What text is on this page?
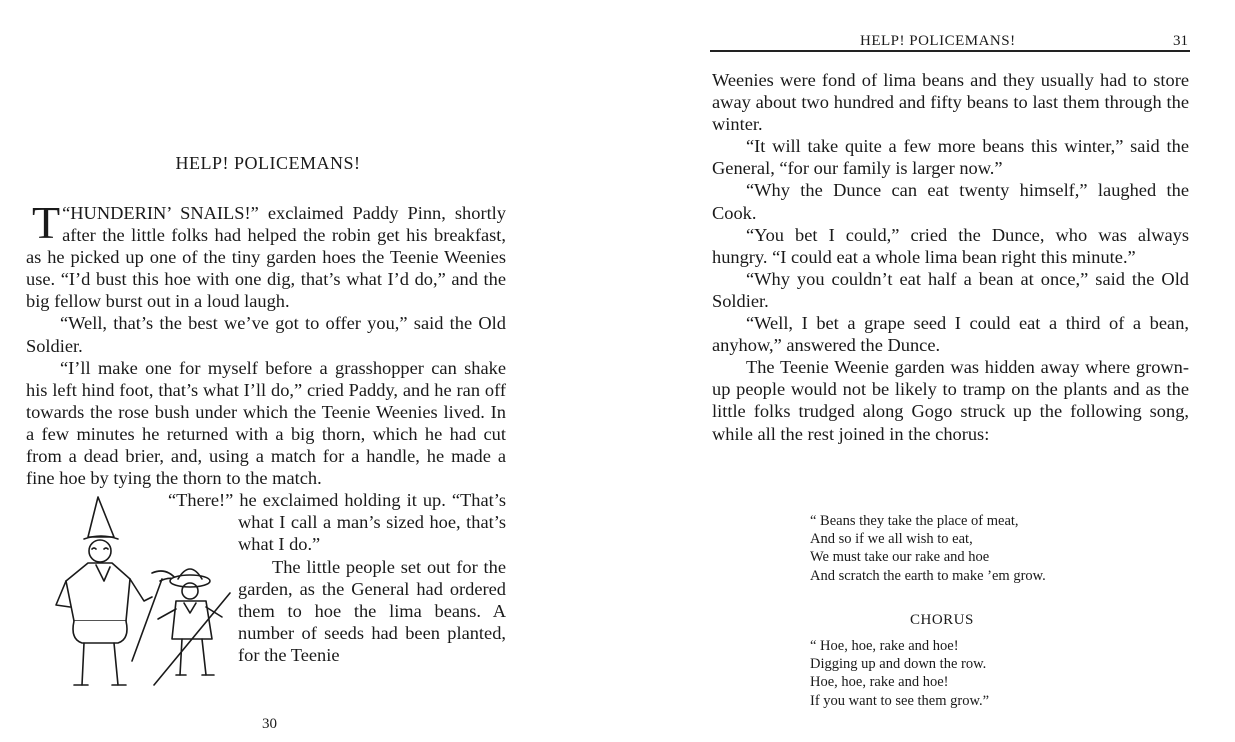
HELP! POLICEMANS!

“
T HUNDERIN’ SNAILS!” exclaimed Paddy Pinn, shortly after the little folks had helped the robin get his breakfast, as he picked up one of the tiny garden hoes the Teenie Weenies use. “I’d bust this hoe with one dig, that’s what I’d do,” and the big fellow burst out in a loud laugh.

“Well, that’s the best we’ve got to offer you,” said the Old Soldier.

“I’ll make one for myself before a grasshopper can shake his left hind foot, that’s what I’ll do,” cried Paddy, and he ran off towards the rose bush under which the Teenie Weenies lived. In a few minutes he returned with a big thorn, which he had cut from a dead brier, and, using a match for a handle, he made a fine hoe by tying the thorn to the match.

“There!” he exclaimed holding it up. “That’s what I call a man’s sized hoe, that’s what I do.”

The little people set out for the garden, as the General had ordered them to hoe the lima beans. A number of seeds had been planted, for the Teenie

30
HELP! POLICEMANS!	31

Weenies were fond of lima beans and they usually had to store away about two hundred and fifty beans to last them through the winter.

“It will take quite a few more beans this winter,” said the General, “for our family is larger now.”

“Why the Dunce can eat twenty himself,” laughed the Cook.

“You bet I could,” cried the Dunce, who was always hungry. “I could eat a whole lima bean right this minute.”

“Why you couldn’t eat half a bean at once,” said the Old Soldier.

“Well, I bet a grape seed I could eat a third of a bean, anyhow,” answered the Dunce.

The Teenie Weenie garden was hidden away where grown-up people would not be likely to tramp on the plants and as the little folks trudged along Gogo struck up the following song, while all the rest joined in the chorus:

“ Beans they take the place of meat,

And so if we all wish to eat,

We must take our rake and hoe

And scratch the earth to make ’em grow.

CHORUS

“ Hoe, hoe, rake and hoe!

Digging up and down the row.

Hoe, hoe, rake and hoe!

If you want to see them grow.”
